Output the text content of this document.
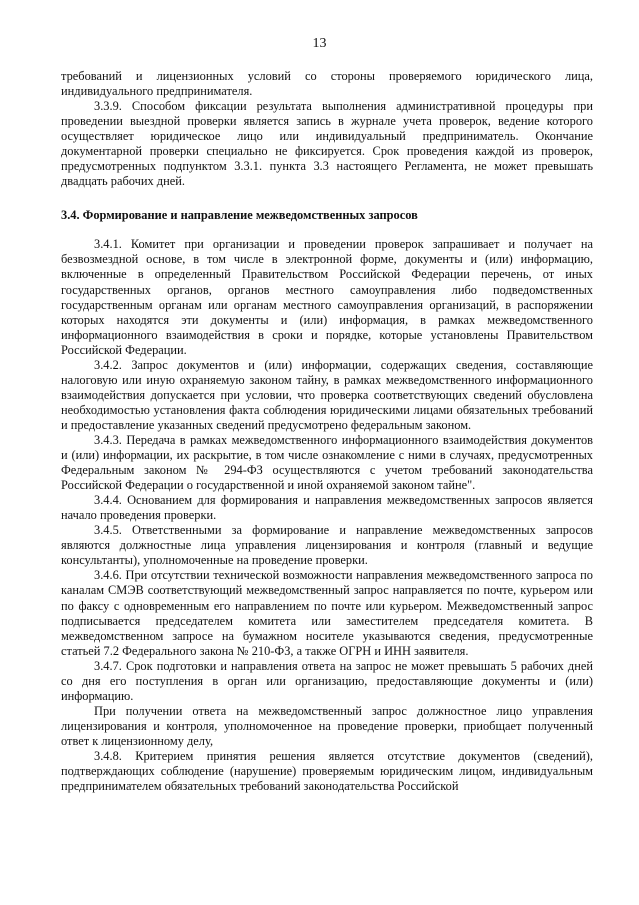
13

требований и лицензионных условий со стороны проверяемого юридического лица, индивидуального предпринимателя.

3.3.9. Способом фиксации результата выполнения административной процедуры при проведении выездной проверки является запись в журнале учета проверок, ведение которого осуществляет юридическое лицо или индивидуальный предприниматель. Окончание документарной проверки специально не фиксируется. Срок проведения каждой из проверок, предусмотренных подпунктом 3.3.1. пункта 3.3 настоящего Регламента, не может превышать двадцать рабочих дней.

3.4. Формирование и направление межведомственных запросов

3.4.1. Комитет при организации и проведении проверок запрашивает и получает на безвозмездной основе, в том числе в электронной форме, документы и (или) информацию, включенные в определенный Правительством Российской Федерации перечень, от иных государственных органов, органов местного самоуправления либо подведомственных государственным органам или органам местного самоуправления организаций, в распоряжении которых находятся эти документы и (или) информация, в рамках межведомственного информационного взаимодействия в сроки и порядке, которые установлены Правительством Российской Федерации.

3.4.2. Запрос документов и (или) информации, содержащих сведения, составляющие налоговую или иную охраняемую законом тайну, в рамках межведомственного информационного взаимодействия допускается при условии, что проверка соответствующих сведений обусловлена необходимостью установления факта соблюдения юридическими лицами обязательных требований и предоставление указанных сведений предусмотрено федеральным законом.

3.4.3. Передача в рамках межведомственного информационного взаимодействия документов и (или) информации, их раскрытие, в том числе ознакомление с ними в случаях, предусмотренных Федеральным законом № 294-ФЗ осуществляются с учетом требований законодательства Российской Федерации о государственной и иной охраняемой законом тайне".

3.4.4. Основанием для формирования и направления межведомственных запросов является начало проведения проверки.

3.4.5. Ответственными за формирование и направление межведомственных запросов являются должностные лица управления лицензирования и контроля (главный и ведущие консультанты), уполномоченные на проведение проверки.

3.4.6. При отсутствии технической возможности направления межведомственного запроса по каналам СМЭВ соответствующий межведомственный запрос направляется по почте, курьером или по факсу с одновременным его направлением по почте или курьером. Межведомственный запрос подписывается председателем комитета или заместителем председателя комитета. В межведомственном запросе на бумажном носителе указываются сведения, предусмотренные статьей 7.2 Федерального закона № 210-ФЗ, а также ОГРН и ИНН заявителя.

3.4.7. Срок подготовки и направления ответа на запрос не может превышать 5 рабочих дней со дня его поступления в орган или организацию, предоставляющие документы и (или) информацию.

При получении ответа на межведомственный запрос должностное лицо управления лицензирования и контроля, уполномоченное на проведение проверки, приобщает полученный ответ к лицензионному делу,

3.4.8. Критерием принятия решения является отсутствие документов (сведений), подтверждающих соблюдение (нарушение) проверяемым юридическим лицом, индивидуальным предпринимателем обязательных требований законодательства Российской
